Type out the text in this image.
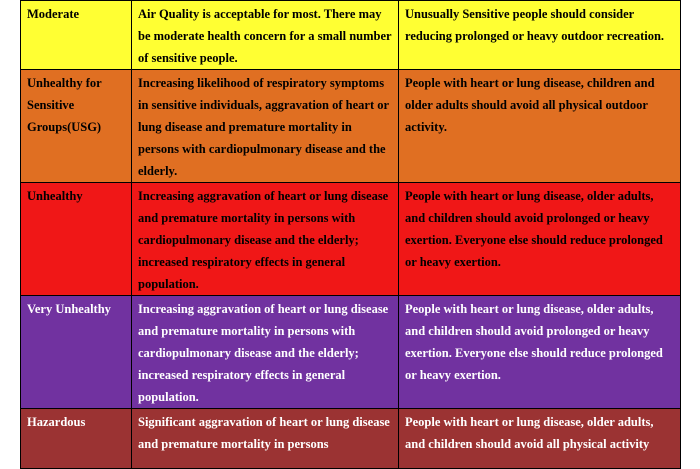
Moderate	Air Quality is acceptable for most. There may be moderate health concern for a small number of sensitive people.	Unusually Sensitive people should consider reducing prolonged or heavy outdoor recreation.
Unhealthy for Sensitive Groups(USG)	Increasing likelihood of respiratory symptoms in sensitive individuals, aggravation of heart or lung disease and premature mortality in persons with cardiopulmonary disease and the elderly.	People with heart or lung disease, children and older adults should avoid all physical outdoor activity.
Unhealthy	Increasing aggravation of heart or lung disease and premature mortality in persons with cardiopulmonary disease and the elderly; increased respiratory effects in general population.	People with heart or lung disease, older adults, and children should avoid prolonged or heavy exertion. Everyone else should reduce prolonged or heavy exertion.
Very Unhealthy	Increasing aggravation of heart or lung disease and premature mortality in persons with cardiopulmonary disease and the elderly; increased respiratory effects in general population.	People with heart or lung disease, older adults, and children should avoid prolonged or heavy exertion. Everyone else should reduce prolonged or heavy exertion.
Hazardous	Significant aggravation of heart or lung disease and premature mortality in persons	People with heart or lung disease, older adults, and children should avoid all physical activity
